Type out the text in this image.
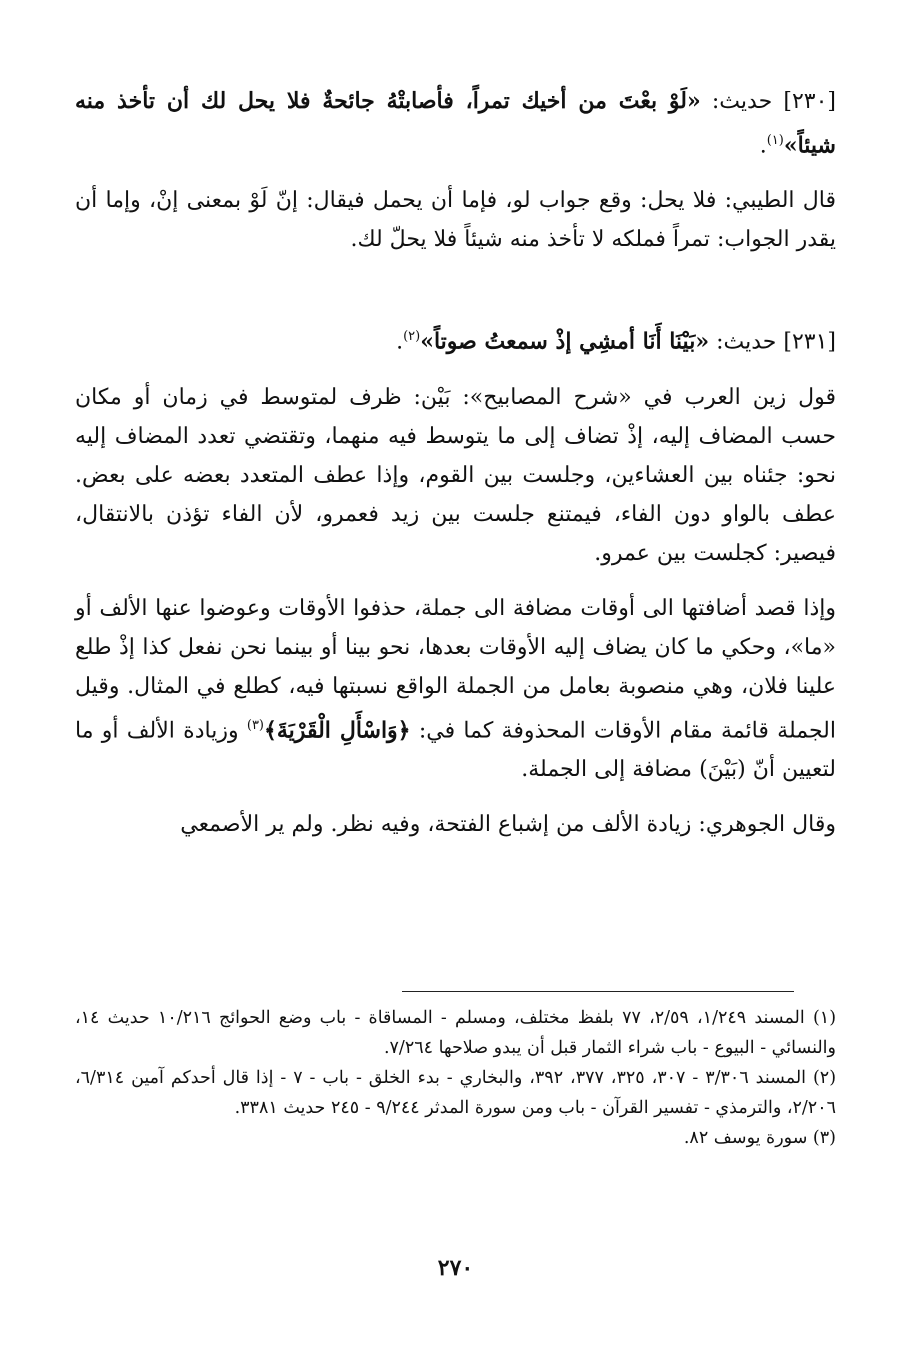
[٢٣٠] حديث: «لَوْ بعْتَ من أخيك تمراً، فأصابتْهُ جائحةٌ فلا يحل لك أن تأخذ منه شيئاً»$^{(١)}$.

قال الطيبي: فلا يحل: وقع جواب لو، فإما أن يحمل فيقال: إنّ لَوْ بمعنى إنْ، وإما أن يقدر الجواب: تمراً فملكه لا تأخذ منه شيئاً فلا يحلّ لك.

[٢٣١] حديث: «بَيْنَا أَنَا أمشِي إذْ سمعتُ صوتاً»$^{(٢)}$.

قول زين العرب في «شرح المصابيح»: بَيْن: ظرف لمتوسط في زمان أو مكان حسب المضاف إليه، إذْ تضاف إلى ما يتوسط فيه منهما، وتقتضي تعدد المضاف إليه نحو: جئناه بين العشاءين، وجلست بين القوم، وإذا عطف المتعدد بعضه على بعض. عطف بالواو دون الفاء، فيمتنع جلست بين زيد فعمرو، لأن الفاء تؤذن بالانتقال، فيصير: كجلست بين عمرو.

وإذا قصد أضافتها الى أوقات مضافة الى جملة، حذفوا الأوقات وعوضوا عنها الألف أو «ما»، وحكي ما كان يضاف إليه الأوقات بعدها، نحو بينا أو بينما نحن نفعل كذا إذْ طلع علينا فلان، وهي منصوبة بعامل من الجملة الواقع نسبتها فيه، كطلع في المثال. وقيل الجملة قائمة مقام الأوقات المحذوفة كما في: ﴿وَاسْأَلِ الْقَرْيَةَ﴾$^{(٣)}$ وزيادة الألف أو ما لتعيين أنّ (بَيْنَ) مضافة إلى الجملة.

وقال الجوهري: زيادة الألف من إشباع الفتحة، وفيه نظر. ولم ير الأصمعي

(١) المسند ١/٢٤٩، ٢/٥٩، ٧٧ بلفظ مختلف، ومسلم - المساقاة - باب وضع الحوائج ١٠/٢١٦ حديث ١٤، والنسائي - البيوع - باب شراء الثمار قبل أن يبدو صلاحها ٧/٢٦٤.

(٢) المسند ٣/٣٠٦ - ٣٠٧، ٣٢٥، ٣٧٧، ٣٩٢، والبخاري - بدء الخلق - باب - ٧ - إذا قال أحدكم آمين ٦/٣١٤، ٢/٢٠٦، والترمذي - تفسير القرآن - باب ومن سورة المدثر ٩/٢٤٤ - ٢٤٥ حديث ٣٣٨١.

(٣) سورة يوسف ٨٢.

٢٧٠
